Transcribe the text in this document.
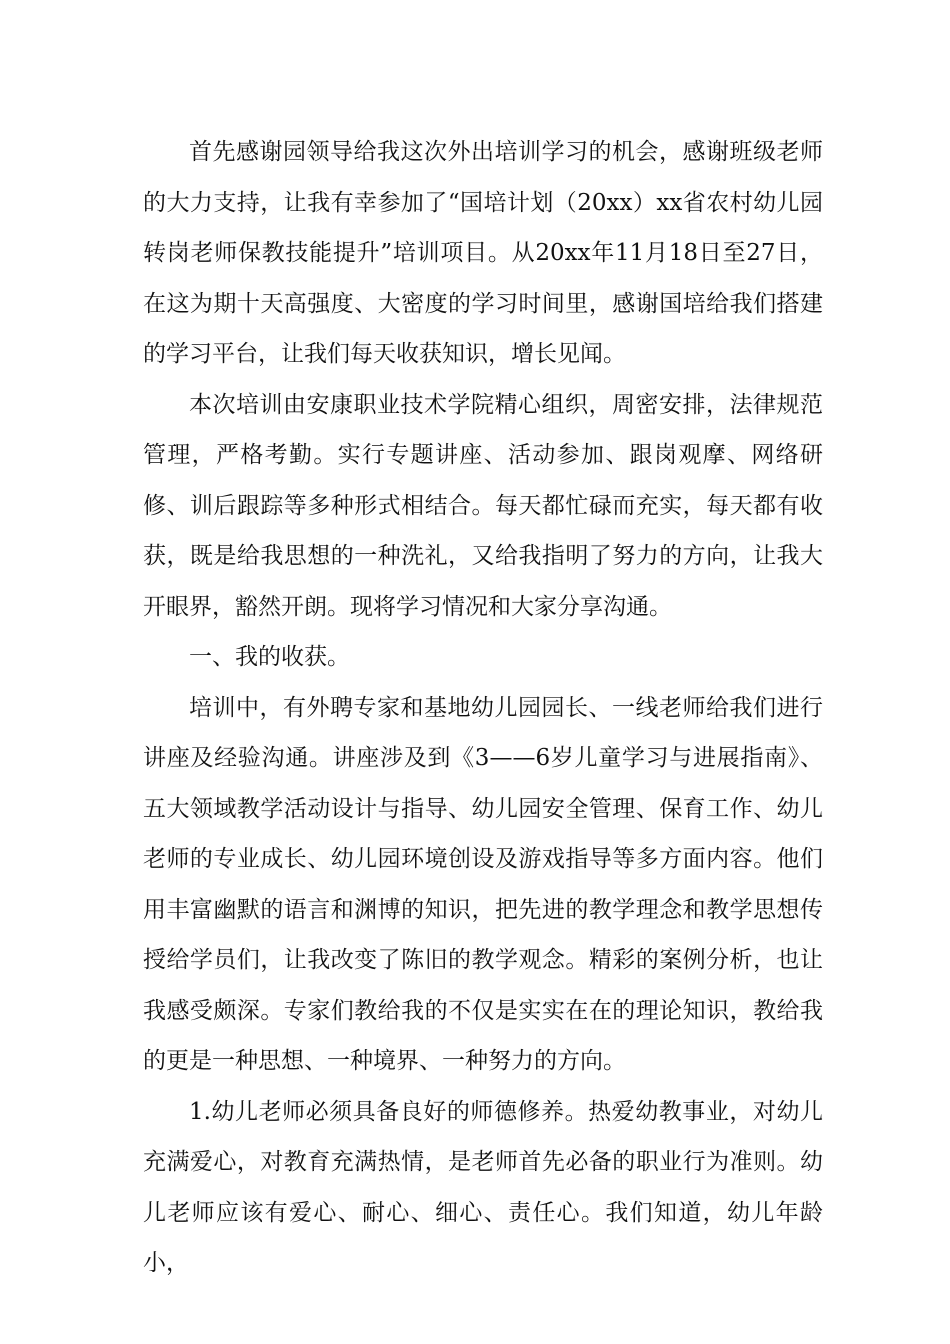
首先感谢园领导给我这次外出培训学习的机会，感谢班级老师的大力支持，让我有幸参加了“国培计划（20xx）xx省农村幼儿园转岗老师保教技能提升”培训项目。从20xx年11月18日至27日，在这为期十天高强度、大密度的学习时间里，感谢国培给我们搭建的学习平台，让我们每天收获知识，增长见闻。

本次培训由安康职业技术学院精心组织，周密安排，法律规范管理，严格考勤。实行专题讲座、活动参加、跟岗观摩、网络研修、训后跟踪等多种形式相结合。每天都忙碌而充实，每天都有收获，既是给我思想的一种洗礼，又给我指明了努力的方向，让我大开眼界，豁然开朗。现将学习情况和大家分享沟通。

一、我的收获。

培训中，有外聘专家和基地幼儿园园长、一线老师给我们进行讲座及经验沟通。讲座涉及到《3——6岁儿童学习与进展指南》、五大领域教学活动设计与指导、幼儿园安全管理、保育工作、幼儿老师的专业成长、幼儿园环境创设及游戏指导等多方面内容。他们用丰富幽默的语言和渊博的知识，把先进的教学理念和教学思想传授给学员们，让我改变了陈旧的教学观念。精彩的案例分析，也让我感受颇深。专家们教给我的不仅是实实在在的理论知识，教给我的更是一种思想、一种境界、一种努力的方向。

1.幼儿老师必须具备良好的师德修养。热爱幼教事业，对幼儿充满爱心，对教育充满热情，是老师首先必备的职业行为准则。幼儿老师应该有爱心、耐心、细心、责任心。我们知道，幼儿年龄小，
